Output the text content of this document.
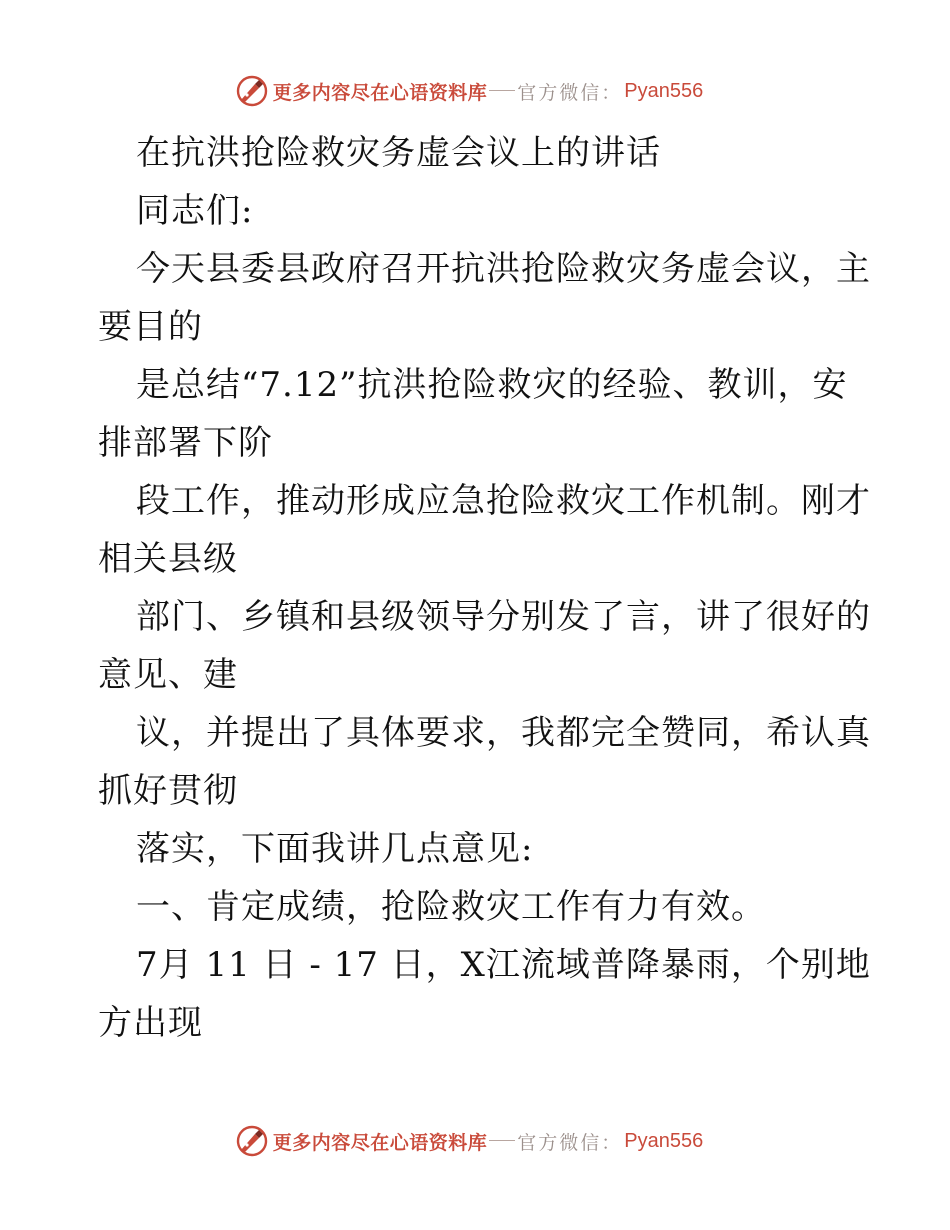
更多内容尽在心语资料库 官方微信： Pyan556
在抗洪抢险救灾务虚会议上的讲话
同志们:
今天县委县政府召开抗洪抢险救灾务虚会议，主
要目的
是总结“7.12”抗洪抢险救灾的经验、教训，安
排部署下阶
段工作，推动形成应急抢险救灾工作机制。刚才
相关县级
部门、乡镇和县级领导分别发了言，讲了很好的
意见、建
议，并提出了具体要求，我都完全赞同，希认真
抓好贯彻
落实，下面我讲几点意见:
一、肯定成绩，抢险救灾工作有力有效。
7月 11 日 - 17 日，X江流域普降暴雨，个别地
方出现
更多内容尽在心语资料库 官方微信： Pyan556
